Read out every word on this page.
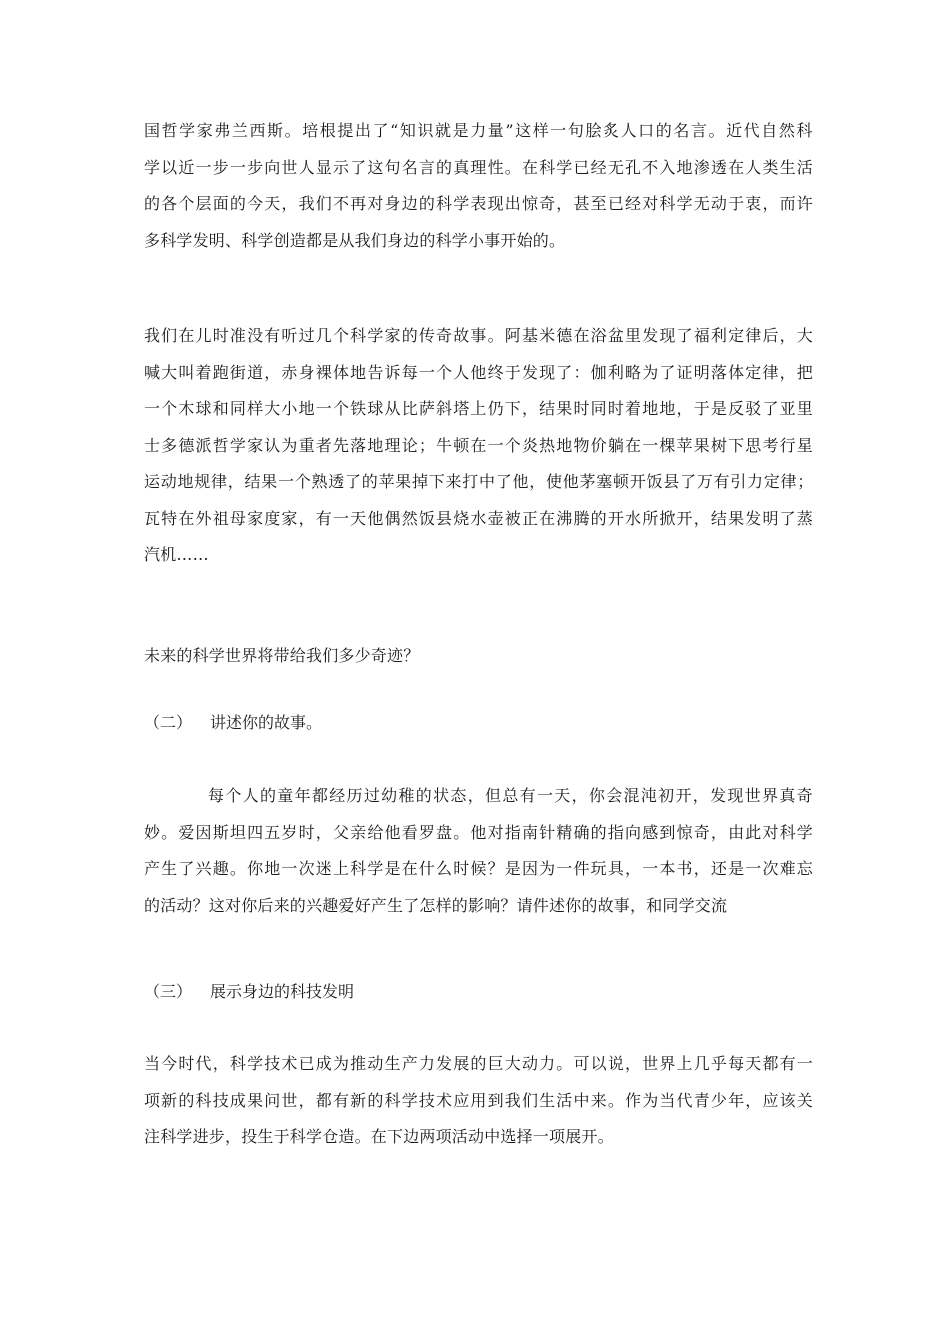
国哲学家弗兰西斯。培根提出了“知识就是力量”这样一句脍炙人口的名言。近代自然科
学以近一步一步向世人显示了这句名言的真理性。在科学已经无孔不入地渗透在人类生活
的各个层面的今天，我们不再对身边的科学表现出惊奇，甚至已经对科学无动于衷，而许
多科学发明、科学创造都是从我们身边的科学小事开始的。
我们在儿时准没有听过几个科学家的传奇故事。阿基米德在浴盆里发现了福利定律后，大
喊大叫着跑街道，赤身裸体地告诉每一个人他终于发现了：伽利略为了证明落体定律，把
一个木球和同样大小地一个铁球从比萨斜塔上仍下，结果时同时着地地，于是反驳了亚里
士多德派哲学家认为重者先落地理论；牛顿在一个炎热地物价躺在一棵苹果树下思考行星
运动地规律，结果一个熟透了的苹果掉下来打中了他，使他茅塞顿开饭县了万有引力定律；
瓦特在外祖母家度家，有一天他偶然饭县烧水壶被正在沸腾的开水所掀开，结果发明了蒸
汽机……
未来的科学世界将带给我们多少奇迹？
（二） 讲述你的故事。
每个人的童年都经历过幼稚的状态，但总有一天，你会混沌初开，发现世界真奇
妙。爱因斯坦四五岁时，父亲给他看罗盘。他对指南针精确的指向感到惊奇，由此对科学
产生了兴趣。你地一次迷上科学是在什么时候？是因为一件玩具，一本书，还是一次难忘
的活动？这对你后来的兴趣爱好产生了怎样的影响？请件述你的故事，和同学交流
（三） 展示身边的科技发明
当今时代，科学技术已成为推动生产力发展的巨大动力。可以说，世界上几乎每天都有一
项新的科技成果问世，都有新的科学技术应用到我们生活中来。作为当代青少年，应该关
注科学进步，投生于科学仓造。在下边两项活动中选择一项展开。
